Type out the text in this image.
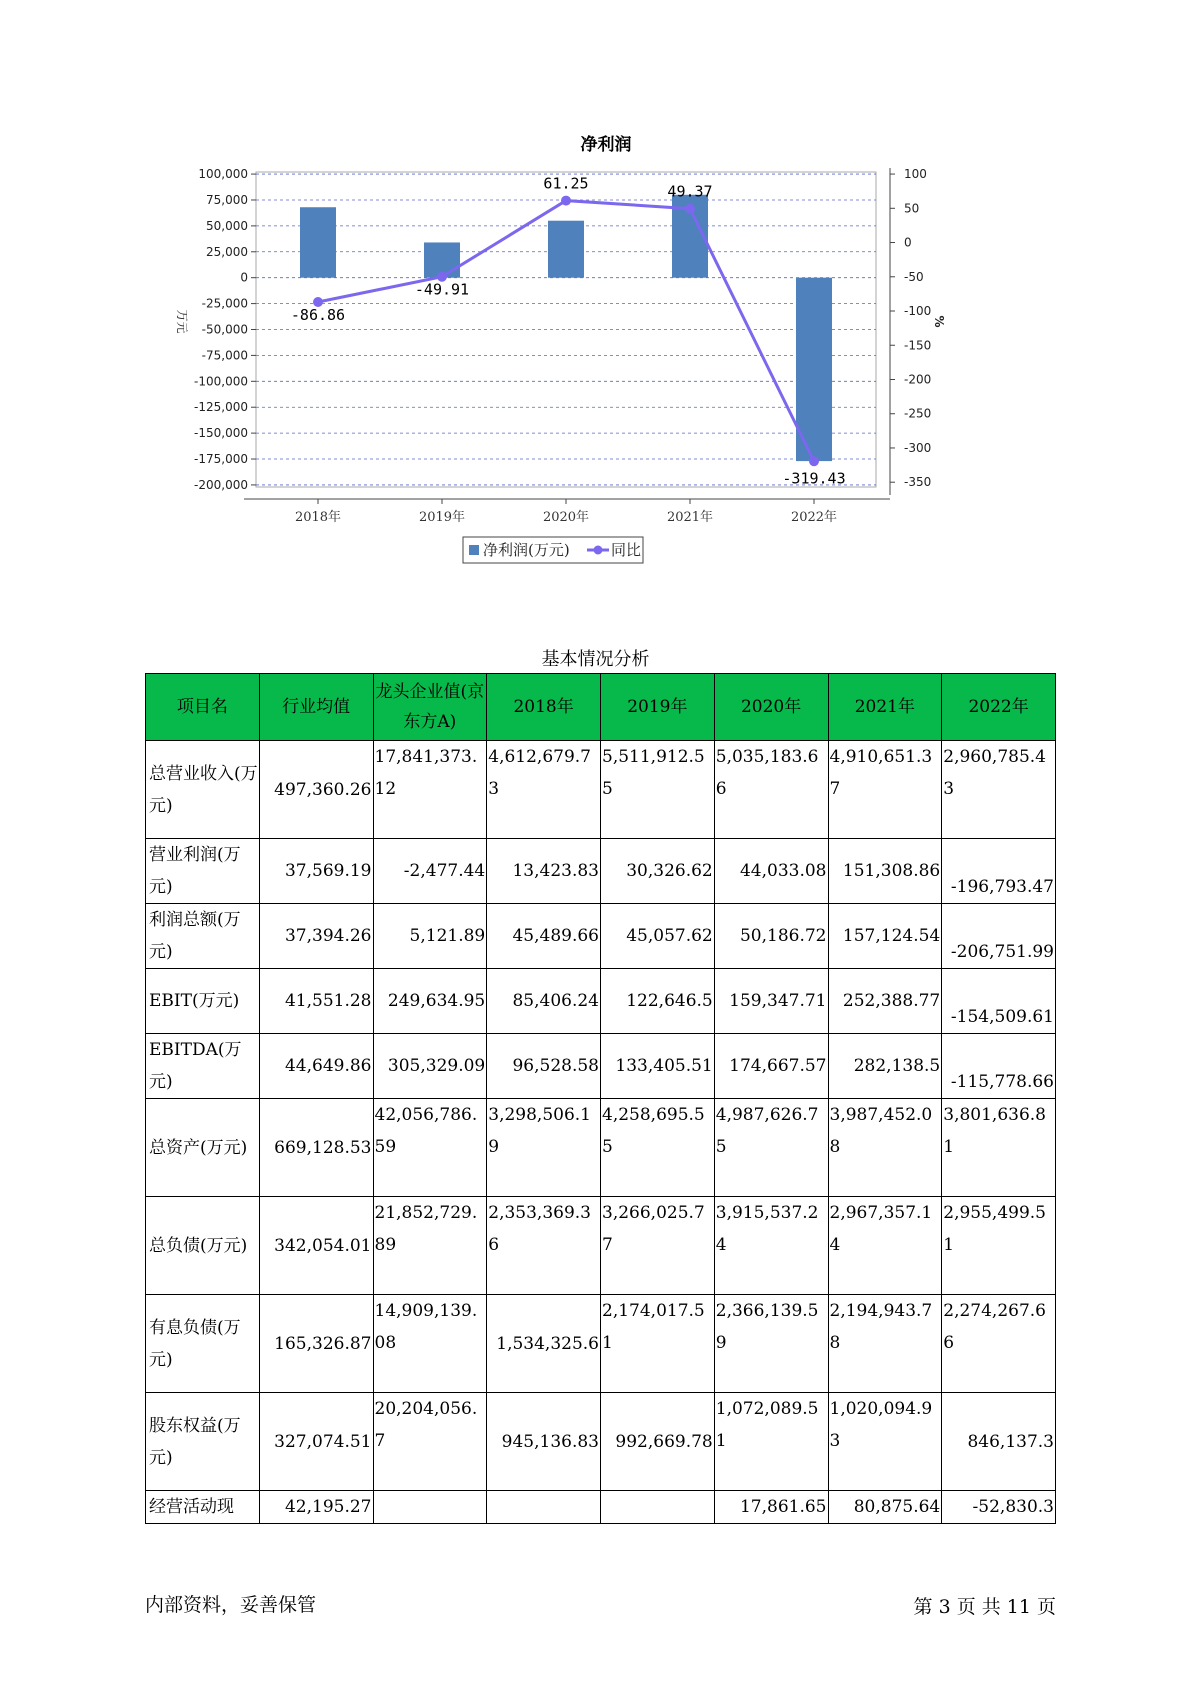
净利润
100,000
75,000
50,000
25,000
0
-25,000
-50,000
-75,000
-100,000
-125,000
-150,000
-175,000
-200,000
100
50
0
-50
-100
-150
-200
-250
-300
-350
万元	%
2018年	2019年	2020年	2021年	2022年
-86.86
-49.91
61.25	49.37
-319.43
净利润(万元)	同比
基本情况分析
项目名	行业均值	龙头企业值(京东方A)	2018年	2019年	2020年	2021年	2022年
总营业收入(万元)	497,360.26	17,841,373.12	4,612,679.73	5,511,912.55	5,035,183.66	4,910,651.37	2,960,785.43
营业利润(万元)	37,569.19	-2,477.44	13,423.83	30,326.62	44,033.08	151,308.86	-196,793.47
利润总额(万元)	37,394.26	5,121.89	45,489.66	45,057.62	50,186.72	157,124.54	-206,751.99
EBIT(万元)	41,551.28	249,634.95	85,406.24	122,646.5	159,347.71	252,388.77	-154,509.61
EBITDA(万元)	44,649.86	305,329.09	96,528.58	133,405.51	174,667.57	282,138.5	-115,778.66
总资产(万元)	669,128.53	42,056,786.59	3,298,506.19	4,258,695.55	4,987,626.75	3,987,452.08	3,801,636.81
总负债(万元)	342,054.01	21,852,729.89	2,353,369.36	3,266,025.77	3,915,537.24	2,967,357.14	2,955,499.51
有息负债(万元)	165,326.87	14,909,139.08	1,534,325.6	2,174,017.51	2,366,139.59	2,194,943.78	2,274,267.66
股东权益(万元)	327,074.51	20,204,056.7	945,136.83	992,669.78	1,072,089.51	1,020,094.93	846,137.3
经营活动现	42,195.27				17,861.65	80,875.64	-52,830.3
内部资料，妥善保管	第 3 页 共 11 页
